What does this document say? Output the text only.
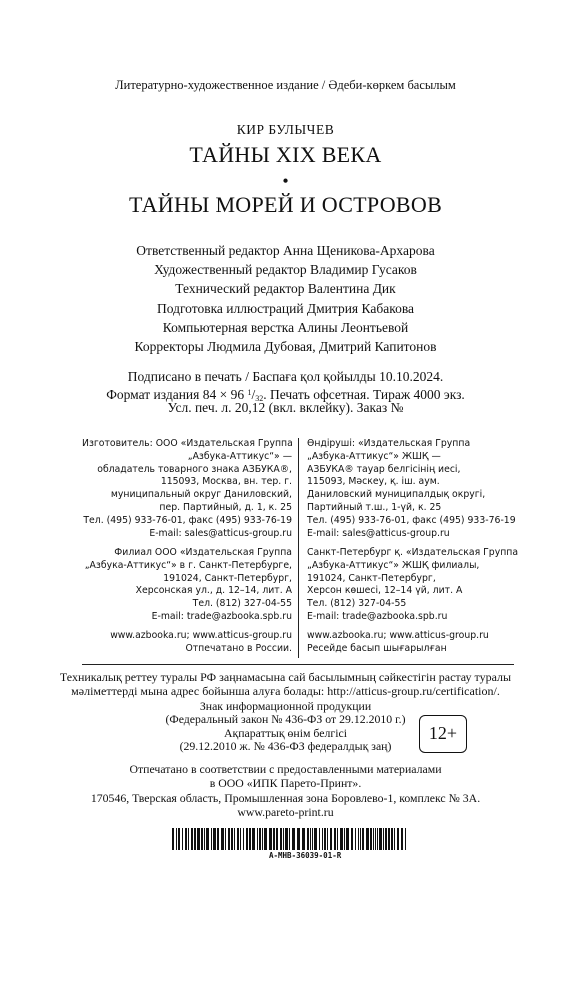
Литературно-художественное издание / Әдеби-көркем басылым
КИР БУЛЫЧЕВ
ТАЙНЫ XIX ВЕКА
•
ТАЙНЫ МОРЕЙ И ОСТРОВОВ
Ответственный редактор Анна Щеникова-Архарова
Художественный редактор Владимир Гусаков
Технический редактор Валентина Дик
Подготовка иллюстраций Дмитрия Кабакова
Компьютерная верстка Алины Леонтьевой
Корректоры Людмила Дубовая, Дмитрий Капитонов
Подписано в печать / Баспаға қол қойылды 10.10.2024.
Формат издания 84 × 96 $^1/_{32}$. Печать офсетная. Тираж 4000 экз.
Усл. печ. л. 20,12 (вкл. вклейку). Заказ №
Изготовитель: ООО «Издательская Группа
„Азбука-Аттикус“» —
обладатель товарного знака АЗБУКА®,
115093, Москва, вн. тер. г.
муниципальный округ Даниловский,
пер. Партийный, д. 1, к. 25
Тел. (495) 933-76-01, факс (495) 933-76-19
E-mail: sales@atticus-group.ru
Филиал ООО «Издательская Группа
„Азбука-Аттикус“» в г. Санкт-Петербурге,
191024, Санкт-Петербург,
Херсонская ул., д. 12–14, лит. А
Тел. (812) 327-04-55
E-mail: trade@azbooka.spb.ru
www.azbooka.ru; www.atticus-group.ru
Отпечатано в России.
Өндіруші: «Издательская Группа
„Азбука-Аттикус“» ЖШҚ —
АЗБУКА® тауар белгісінің иесі,
115093, Мәскеу, қ. іш. аум.
Даниловский муниципалдық округі,
Партийный т.ш., 1-үй, к. 25
Тел. (495) 933-76-01, факс (495) 933-76-19
E-mail: sales@atticus-group.ru
Санкт-Петербург қ. «Издательская Группа
„Азбука-Аттикус“» ЖШҚ филиалы,
191024, Санкт-Петербург,
Херсон көшесі, 12–14 үй, лит. А
Тел. (812) 327-04-55
E-mail: trade@azbooka.spb.ru
www.azbooka.ru; www.atticus-group.ru
Ресейде басып шығарылған
Техникалық реттеу туралы РФ заңнамасына сай басылымның сәйкестігін растау туралы
мәліметтерді мына адрес бойынша алуға болады: http://atticus-group.ru/certification/.
Знак информационной продукции
(Федеральный закон № 436-ФЗ от 29.12.2010 г.)
Ақпараттық өнім белгісі
(29.12.2010 ж. № 436-ФЗ федералдық заң)
12+
Отпечатано в соответствии с предоставленными материалами
в ООО «ИПК Парето-Принт».
170546, Тверская область, Промышленная зона Боровлево-1, комплекс № 3А.
www.pareto-print.ru
A-MHB-36039-01-R
